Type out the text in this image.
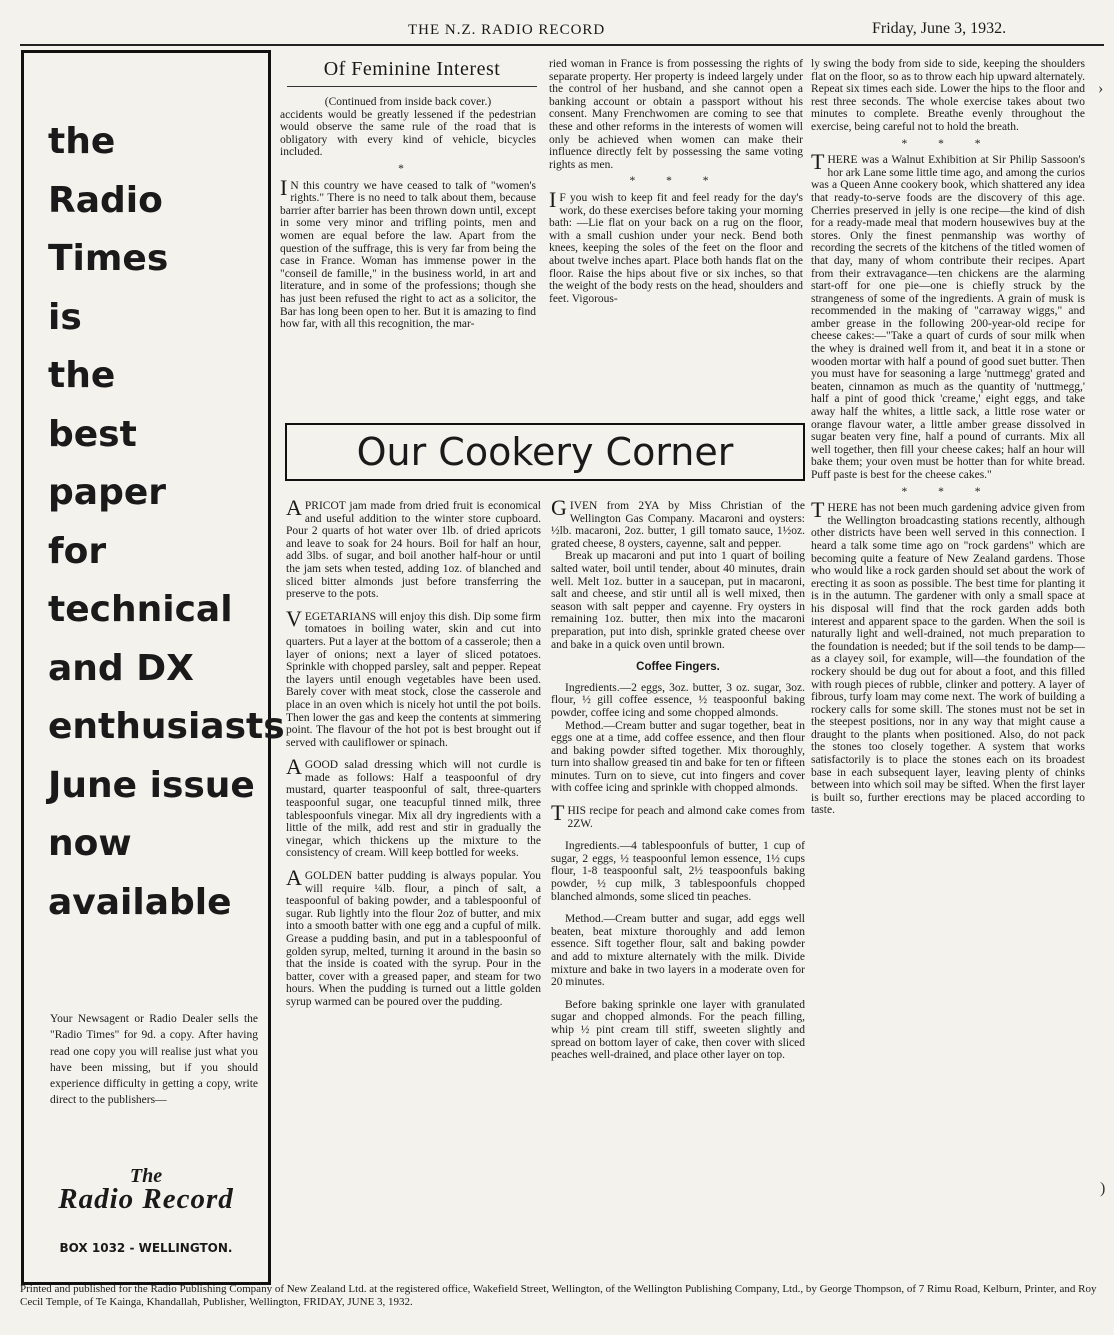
THE N.Z. RADIO RECORD	Friday, June 3, 1932.
the
Radio
Times
is
the
best
paper
for
technical
and DX
enthusiasts
June issue
now
available
Your Newsagent or Radio Dealer sells the "Radio Times" for 9d. a copy. After having read one copy you will realise just what you have been missing, but if you should experience difficulty in getting a copy, write direct to the publishers—
The
Radio Record
BOX 1032 - WELLINGTON.
Of Feminine Interest

(Continued from inside back cover.)

accidents would be greatly lessened if the pedestrian would observe the same rule of the road that is obligatory with every kind of vehicle, bicycles included.

*

I N this country we have ceased to talk of "women's rights." There is no need to talk about them, because barrier after barrier has been thrown down until, except in some very minor and trifling points, men and women are equal before the law. Apart from the question of the suffrage, this is very far from being the case in France. Woman has immense power in the "conseil de famille," in the business world, in art and literature, and in some of the professions; though she has just been refused the right to act as a solicitor, the Bar has long been open to her. But it is amazing to find how far, with all this recognition, the mar-

ried woman in France is from possessing the rights of separate property. Her property is indeed largely under the control of her husband, and she cannot open a banking account or obtain a passport without his consent. Many Frenchwomen are coming to see that these and other reforms in the interests of women will only be achieved when women can make their influence directly felt by possessing the same voting rights as men.

* * *

I F you wish to keep fit and feel ready for the day's work, do these exercises before taking your morning bath: —Lie flat on your back on a rug on the floor, with a small cushion under your neck. Bend both knees, keeping the soles of the feet on the floor and about twelve inches apart. Place both hands flat on the floor. Raise the hips about five or six inches, so that the weight of the body rests on the head, shoulders and feet. Vigorous-

ly swing the body from side to side, keeping the shoulders flat on the floor, so as to throw each hip upward alternately. Repeat six times each side. Lower the hips to the floor and rest three seconds. The whole exercise takes about two minutes to complete. Breathe evenly throughout the exercise, being careful not to hold the breath.

* * *

THERE was a Walnut Exhibition at Sir Philip Sassoon's hor ark Lane some little time ago, and among the curios was a Queen Anne cookery book, which shattered any idea that ready-to-serve foods are the discovery of this age. Cherries preserved in jelly is one recipe—the kind of dish for a ready-made meal that modern housewives buy at the stores. Only the finest penmanship was worthy of recording the secrets of the kitchens of the titled women of that day, many of whom contribute their recipes. Apart from their extravagance—ten chickens are the alarming start-off for one pie—one is chiefly struck by the strangeness of some of the ingredients. A grain of musk is recommended in the making of "carraway wiggs," and amber grease in the following 200-year-old recipe for cheese cakes:—"Take a quart of curds of sour milk when the whey is drained well from it, and beat it in a stone or wooden mortar with half a pound of good suet butter. Then you must have for seasoning a large 'nuttmegg' grated and beaten, cinnamon as much as the quantity of 'nuttmegg,' half a pint of good thick 'creame,' eight eggs, and take away half the whites, a little sack, a little rose water or orange flavour water, a little amber grease dissolved in sugar beaten very fine, half a pound of currants. Mix all well together, then fill your cheese cakes; half an hour will bake them; your oven must be hotter than for white bread. Puff paste is best for the cheese cakes."

* * *

THERE has not been much gardening advice given from the Wellington broadcasting stations recently, although other districts have been well served in this connection. I heard a talk some time ago on "rock gardens" which are becoming quite a feature of New Zealand gardens. Those who would like a rock garden should set about the work of erecting it as soon as possible. The best time for planting it is in the autumn. The gardener with only a small space at his disposal will find that the rock garden adds both interest and apparent space to the garden. When the soil is naturally light and well-drained, not much preparation to the foundation is needed; but if the soil tends to be damp—as a clayey soil, for example, will—the foundation of the rockery should be dug out for about a foot, and this filled with rough pieces of rubble, clinker and pottery. A layer of fibrous, turfy loam may come next. The work of building a rockery calls for some skill. The stones must not be set in the steepest positions, nor in any way that might cause a draught to the plants when positioned. Also, do not pack the stones too closely together. A system that works satisfactorily is to place the stones each on its broadest base in each subsequent layer, leaving plenty of chinks between into which soil may be sifted. When the first layer is built so, further erections may be placed according to taste.

Our Cookery Corner

APRICOT jam made from dried fruit is economical and useful addition to the winter store cupboard. Pour 2 quarts of hot water over 1lb. of dried apricots and leave to soak for 24 hours. Boil for half an hour, add 3lbs. of sugar, and boil another half-hour or until the jam sets when tested, adding 1oz. of blanched and sliced bitter almonds just before transferring the preserve to the pots.

VEGETARIANS will enjoy this dish. Dip some firm tomatoes in boiling water, skin and cut into quarters. Put a layer at the bottom of a casserole; then a layer of onions; next a layer of sliced potatoes. Sprinkle with chopped parsley, salt and pepper. Repeat the layers until enough vegetables have been used. Barely cover with meat stock, close the casserole and place in an oven which is nicely hot until the pot boils. Then lower the gas and keep the contents at simmering point. The flavour of the hot pot is best brought out if served with cauliflower or spinach.

AGOOD salad dressing which will not curdle is made as follows: Half a teaspoonful of dry mustard, quarter teaspoonful of salt, three-quarters teaspoonful sugar, one teacupful tinned milk, three tablespoonfuls vinegar. Mix all dry ingredients with a little of the milk, add rest and stir in gradually the vinegar, which thickens up the mixture to the consistency of cream. Will keep bottled for weeks.

AGOLDEN batter pudding is always popular. You will require ¼lb. flour, a pinch of salt, a teaspoonful of baking powder, and a tablespoonful of sugar. Rub lightly into the flour 2oz of butter, and mix into a smooth batter with one egg and a cupful of milk. Grease a pudding basin, and put in a tablespoonful of golden syrup, melted, turning it around in the basin so that the inside is coated with the syrup. Pour in the batter, cover with a greased paper, and steam for two hours. When the pudding is turned out a little golden syrup warmed can be poured over the pudding.

GIVEN from 2YA by Miss Christian of the Wellington Gas Company. Macaroni and oysters: ½lb. macaroni, 2oz. butter, 1 gill tomato sauce, 1½oz. grated cheese, 8 oysters, cayenne, salt and pepper.

Break up macaroni and put into 1 quart of boiling salted water, boil until tender, about 40 minutes, drain well. Melt 1oz. butter in a saucepan, put in macaroni, salt and cheese, and stir until all is well mixed, then season with salt pepper and cayenne. Fry oysters in remaining 1oz. butter, then mix into the macaroni preparation, put into dish, sprinkle grated cheese over and bake in a quick oven until brown.

Coffee Fingers.

Ingredients.—2 eggs, 3oz. butter, 3 oz. sugar, 3oz. flour, ½ gill coffee essence, ½ teaspoonful baking powder, coffee icing and some chopped almonds.

Method.—Cream butter and sugar together, beat in eggs one at a time, add coffee essence, and then flour and baking powder sifted together. Mix thoroughly, turn into shallow greased tin and bake for ten or fifteen minutes. Turn on to sieve, cut into fingers and cover with coffee icing and sprinkle with chopped almonds.

THIS recipe for peach and almond cake comes from 2ZW.

Ingredients.—4 tablespoonfuls of butter, 1 cup of sugar, 2 eggs, ½ teaspoonful lemon essence, 1½ cups flour, 1-8 teaspoonful salt, 2½ teaspoonfuls baking powder, ½ cup milk, 3 tablespoonfuls chopped blanched almonds, some sliced tin peaches.

Method.—Cream butter and sugar, add eggs well beaten, beat mixture thoroughly and add lemon essence. Sift together flour, salt and baking powder and add to mixture alternately with the milk. Divide mixture and bake in two layers in a moderate oven for 20 minutes.

Before baking sprinkle one layer with granulated sugar and chopped almonds. For the peach filling, whip ½ pint cream till stiff, sweeten slightly and spread on bottom layer of cake, then cover with sliced peaches well-drained, and place other layer on top.

›
)
Printed and published for the Radio Publishing Company of New Zealand Ltd. at the registered office, Wakefield Street, Wellington, of the Wellington Publishing Company, Ltd., by George Thompson, of 7 Rimu Road, Kelburn, Printer, and Roy Cecil Temple, of Te Kainga, Khandallah, Publisher, Wellington, FRIDAY, JUNE 3, 1932.
